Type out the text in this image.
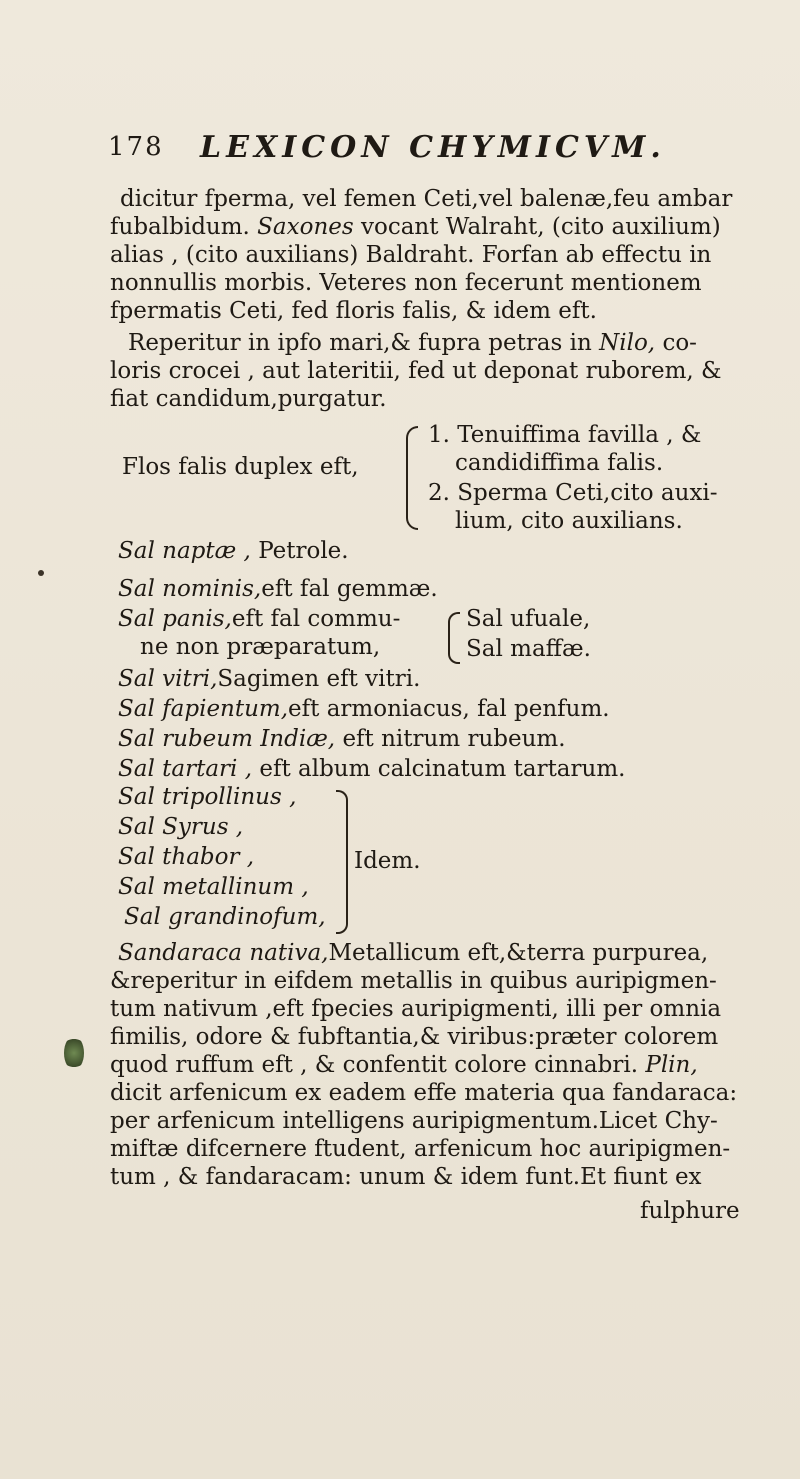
178 LEXICON CHYMICVM.
dicitur fperma, vel femen Ceti,vel balenæ,feu ambar
fubalbidum. Saxones vocant Walraht, (cito auxilium)
alias , (cito auxilians) Baldraht. Forfan ab effectu in
nonnullis morbis. Veteres non fecerunt mentionem
fpermatis Ceti, fed floris falis, & idem eft.
Reperitur in ipfo mari,& fupra petras in Nilo, co-
loris crocei , aut lateritii, fed ut deponat ruborem, &
fiat candidum,purgatur.
Flos falis duplex eft,
1. Tenuiffima favilla , &
candidiffima falis.
2. Sperma Ceti,cito auxi-
lium, cito auxilians.
Sal naptæ , Petrole.
Sal nominis,eft fal gemmæ.
Sal panis,eft fal commu-
ne non præparatum,
Sal ufuale,
Sal maffæ.
Sal vitri,Sagimen eft vitri.
Sal fapientum,eft armoniacus, fal penfum.
Sal rubeum Indiæ, eft nitrum rubeum.
Sal tartari , eft album calcinatum tartarum.
Sal tripollinus ,
Sal Syrus ,
Sal thabor ,
Sal metallinum ,
Sal grandinofum,
Idem.
Sandaraca nativa,Metallicum eft,&terra purpurea,
&reperitur in eifdem metallis in quibus auripigmen-
tum nativum ,eft fpecies auripigmenti, illi per omnia
fimilis, odore & fubftantia,& viribus:præter colorem
quod ruffum eft , & confentit colore cinnabri. Plin,
dicit arfenicum ex eadem effe materia qua fandaraca:
per arfenicum intelligens auripigmentum.Licet Chy-
miftæ difcernere ftudent, arfenicum hoc auripigmen-
tum , & fandaracam: unum & idem funt.Et fiunt ex
fulphure
